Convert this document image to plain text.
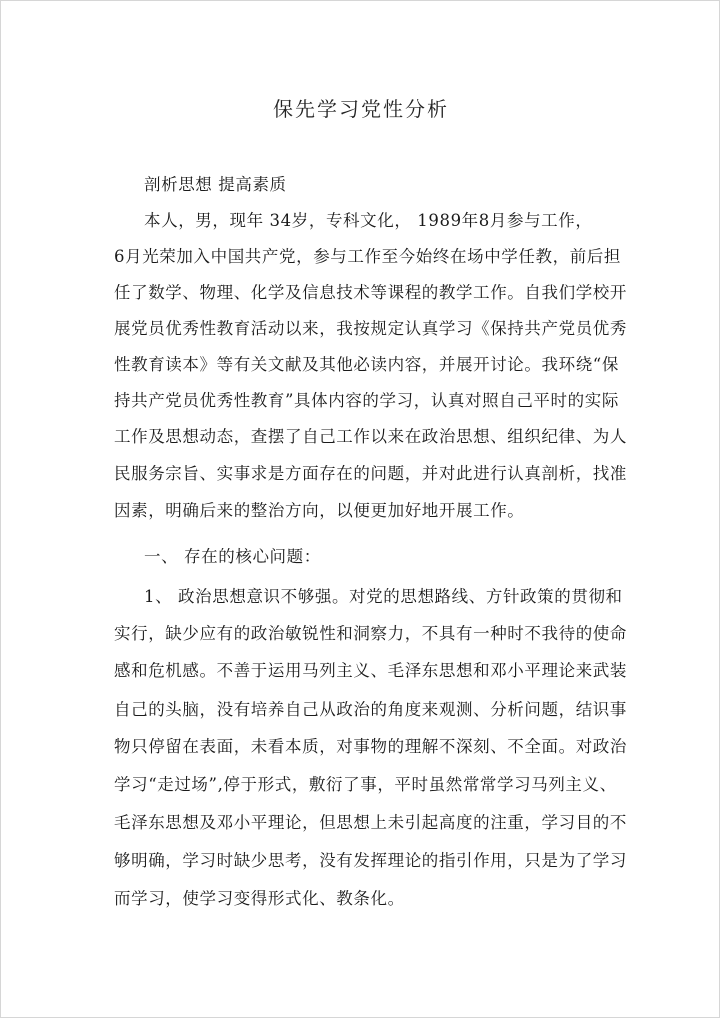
保先学习党性分析
剖析思想 提高素质
本人，男，现年 34岁，专科文化， 1989年8月参与工作，
6月光荣加入中国共产党，参与工作至今始终在场中学任教，前后担
任了数学、物理、化学及信息技术等课程的教学工作。自我们学校开
展党员优秀性教育活动以来，我按规定认真学习《保持共产党员优秀
性教育读本》等有关文献及其他必读内容，并展开讨论。我环绕“保
持共产党员优秀性教育”具体内容的学习，认真对照自己平时的实际
工作及思想动态，查摆了自己工作以来在政治思想、组织纪律、为人
民服务宗旨、实事求是方面存在的问题，并对此进行认真剖析，找准
因素，明确后来的整治方向，以便更加好地开展工作。
一、 存在的核心问题：
1、 政治思想意识不够强。对党的思想路线、方针政策的贯彻和
实行，缺少应有的政治敏锐性和洞察力，不具有一种时不我待的使命
感和危机感。不善于运用马列主义、毛泽东思想和邓小平理论来武装
自己的头脑，没有培养自己从政治的角度来观测、分析问题，结识事
物只停留在表面，未看本质，对事物的理解不深刻、不全面。对政治
学习“走过场”,停于形式，敷衍了事，平时虽然常常学习马列主义、
毛泽东思想及邓小平理论，但思想上未引起高度的注重，学习目的不
够明确，学习时缺少思考，没有发挥理论的指引作用，只是为了学习
而学习，使学习变得形式化、教条化。
